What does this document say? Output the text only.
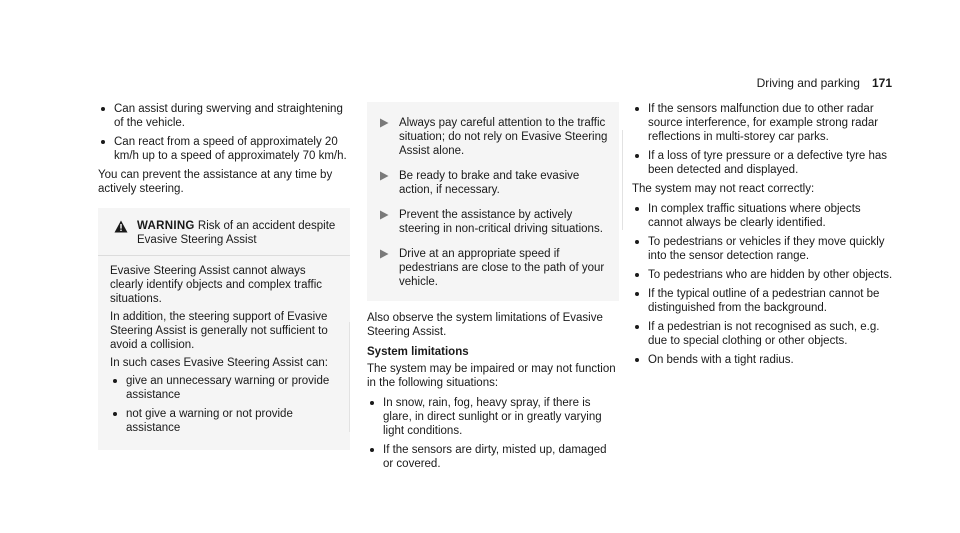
Driving and parking 171
Can assist during swerving and straightening of the vehicle.
Can react from a speed of approximately 20 km/h up to a speed of approximately 70 km/h.

You can prevent the assistance at any time by actively steering.

WARNING Risk of an accident despite Evasive Steering Assist

Evasive Steering Assist cannot always clearly identify objects and complex traffic situations.

In addition, the steering support of Evasive Steering Assist is generally not sufficient to avoid a collision.

In such cases Evasive Steering Assist can:

give an unnecessary warning or provide assistance
not give a warning or not provide assistance
Always pay careful attention to the traffic situation; do not rely on Evasive Steering Assist alone.
Be ready to brake and take evasive action, if necessary.
Prevent the assistance by actively steering in non-critical driving situations.
Drive at an appropriate speed if pedestrians are close to the path of your vehicle.

Also observe the system limitations of Evasive Steering Assist.

System limitations

The system may be impaired or may not function in the following situations:

In snow, rain, fog, heavy spray, if there is glare, in direct sunlight or in greatly varying light conditions.
If the sensors are dirty, misted up, damaged or covered.
If the sensors malfunction due to other radar source interference, for example strong radar reflections in multi-storey car parks.
If a loss of tyre pressure or a defective tyre has been detected and displayed.

The system may not react correctly:

In complex traffic situations where objects cannot always be clearly identified.
To pedestrians or vehicles if they move quickly into the sensor detection range.
To pedestrians who are hidden by other objects.
If the typical outline of a pedestrian cannot be distinguished from the background.
If a pedestrian is not recognised as such, e.g. due to special clothing or other objects.
On bends with a tight radius.
